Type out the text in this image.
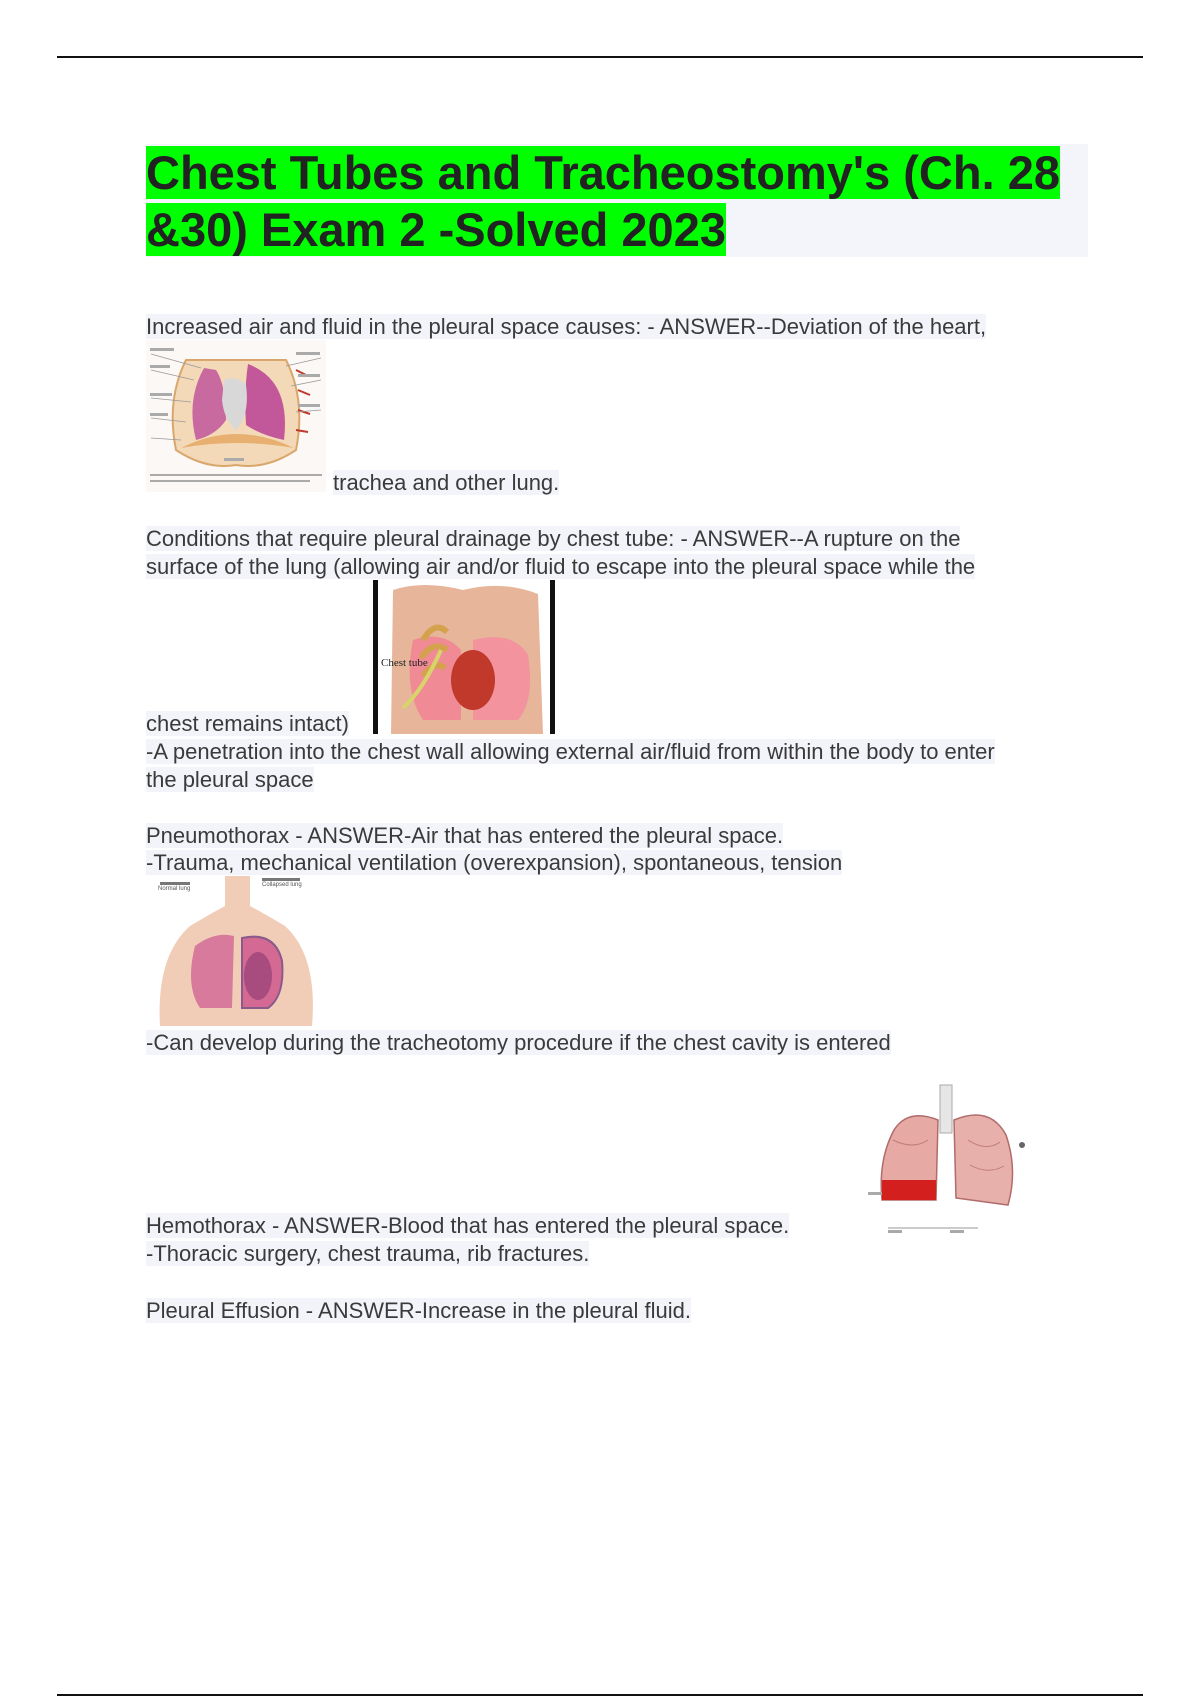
Chest Tubes and Tracheostomy's (Ch. 28
&30) Exam 2 -Solved 2023
Increased air and fluid in the pleural space causes: - ANSWER--Deviation of the heart,
trachea and other lung.
Conditions that require pleural drainage by chest tube: - ANSWER--A rupture on the
surface of the lung (allowing air and/or fluid to escape into the pleural space while the
Chest tube
chest remains intact)
-A penetration into the chest wall allowing external air/fluid from within the body to enter
the pleural space
Pneumothorax - ANSWER-Air that has entered the pleural space.
-Trauma, mechanical ventilation (overexpansion), spontaneous, tension
Normal lung
Collapsed lung
-Can develop during the tracheotomy procedure if the chest cavity is entered
Hemothorax - ANSWER-Blood that has entered the pleural space.
-Thoracic surgery, chest trauma, rib fractures.
Pleural Effusion - ANSWER-Increase in the pleural fluid.
